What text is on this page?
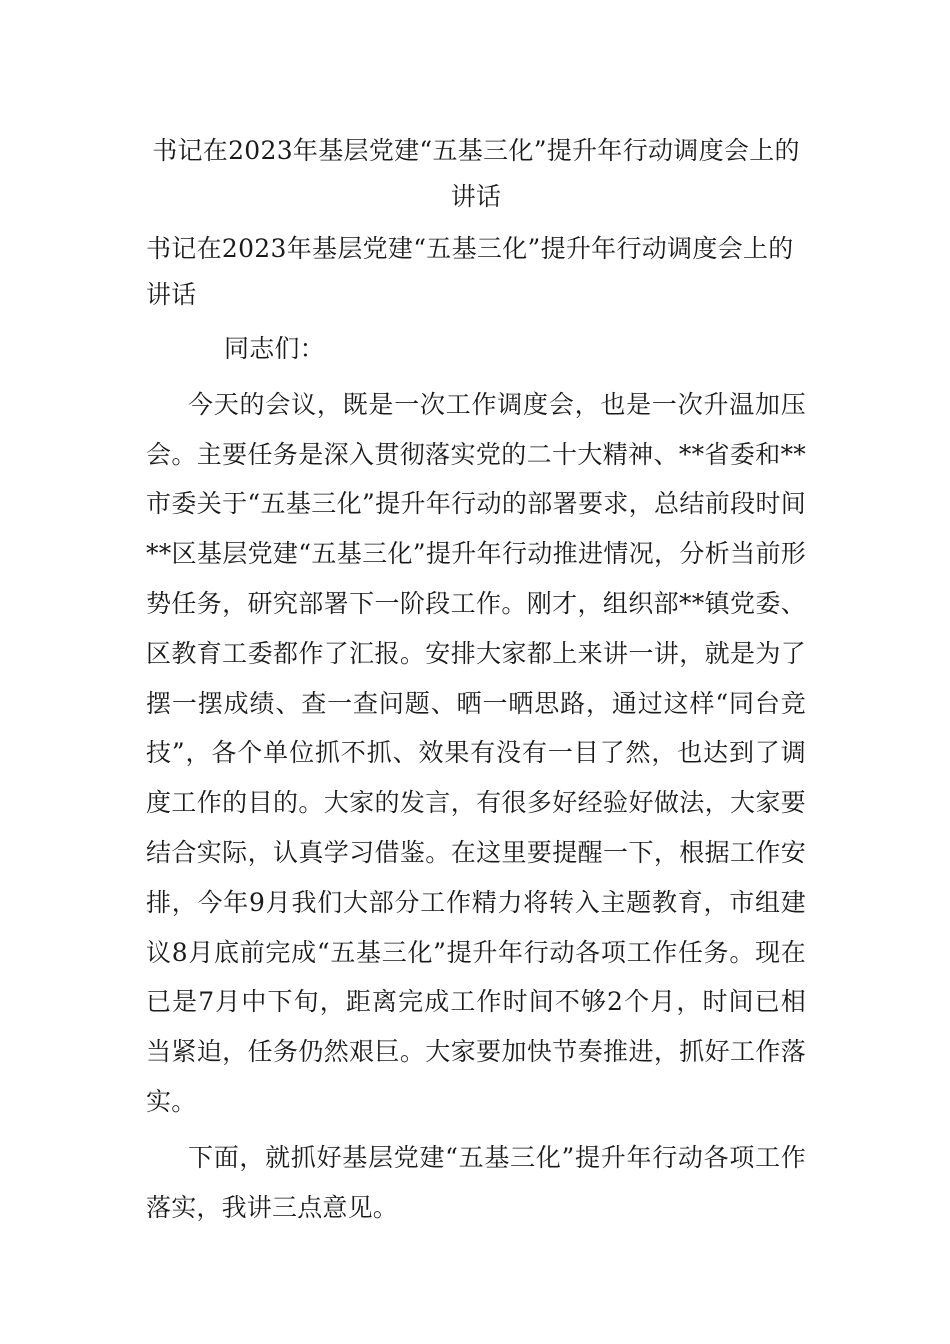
书记在2023年基层党建“五基三化”提升年行动调度会上的讲话

书记在2023年基层党建“五基三化”提升年行动调度会上的讲话

同志们：

今天的会议，既是一次工作调度会，也是一次升温加压会。主要任务是深入贯彻落实党的二十大精神、**省委和**市委关于“五基三化”提升年行动的部署要求，总结前段时间**区基层党建“五基三化”提升年行动推进情况，分析当前形势任务，研究部署下一阶段工作。刚才，组织部**镇党委、区教育工委都作了汇报。安排大家都上来讲一讲，就是为了摆一摆成绩、查一查问题、晒一晒思路，通过这样“同台竞技”，各个单位抓不抓、效果有没有一目了然，也达到了调度工作的目的。大家的发言，有很多好经验好做法，大家要结合实际，认真学习借鉴。在这里要提醒一下，根据工作安排，今年9月我们大部分工作精力将转入主题教育，市组建议8月底前完成“五基三化”提升年行动各项工作任务。现在已是7月中下旬，距离完成工作时间不够2个月，时间已相当紧迫，任务仍然艰巨。大家要加快节奏推进，抓好工作落实。

下面，就抓好基层党建“五基三化”提升年行动各项工作落实，我讲三点意见。
